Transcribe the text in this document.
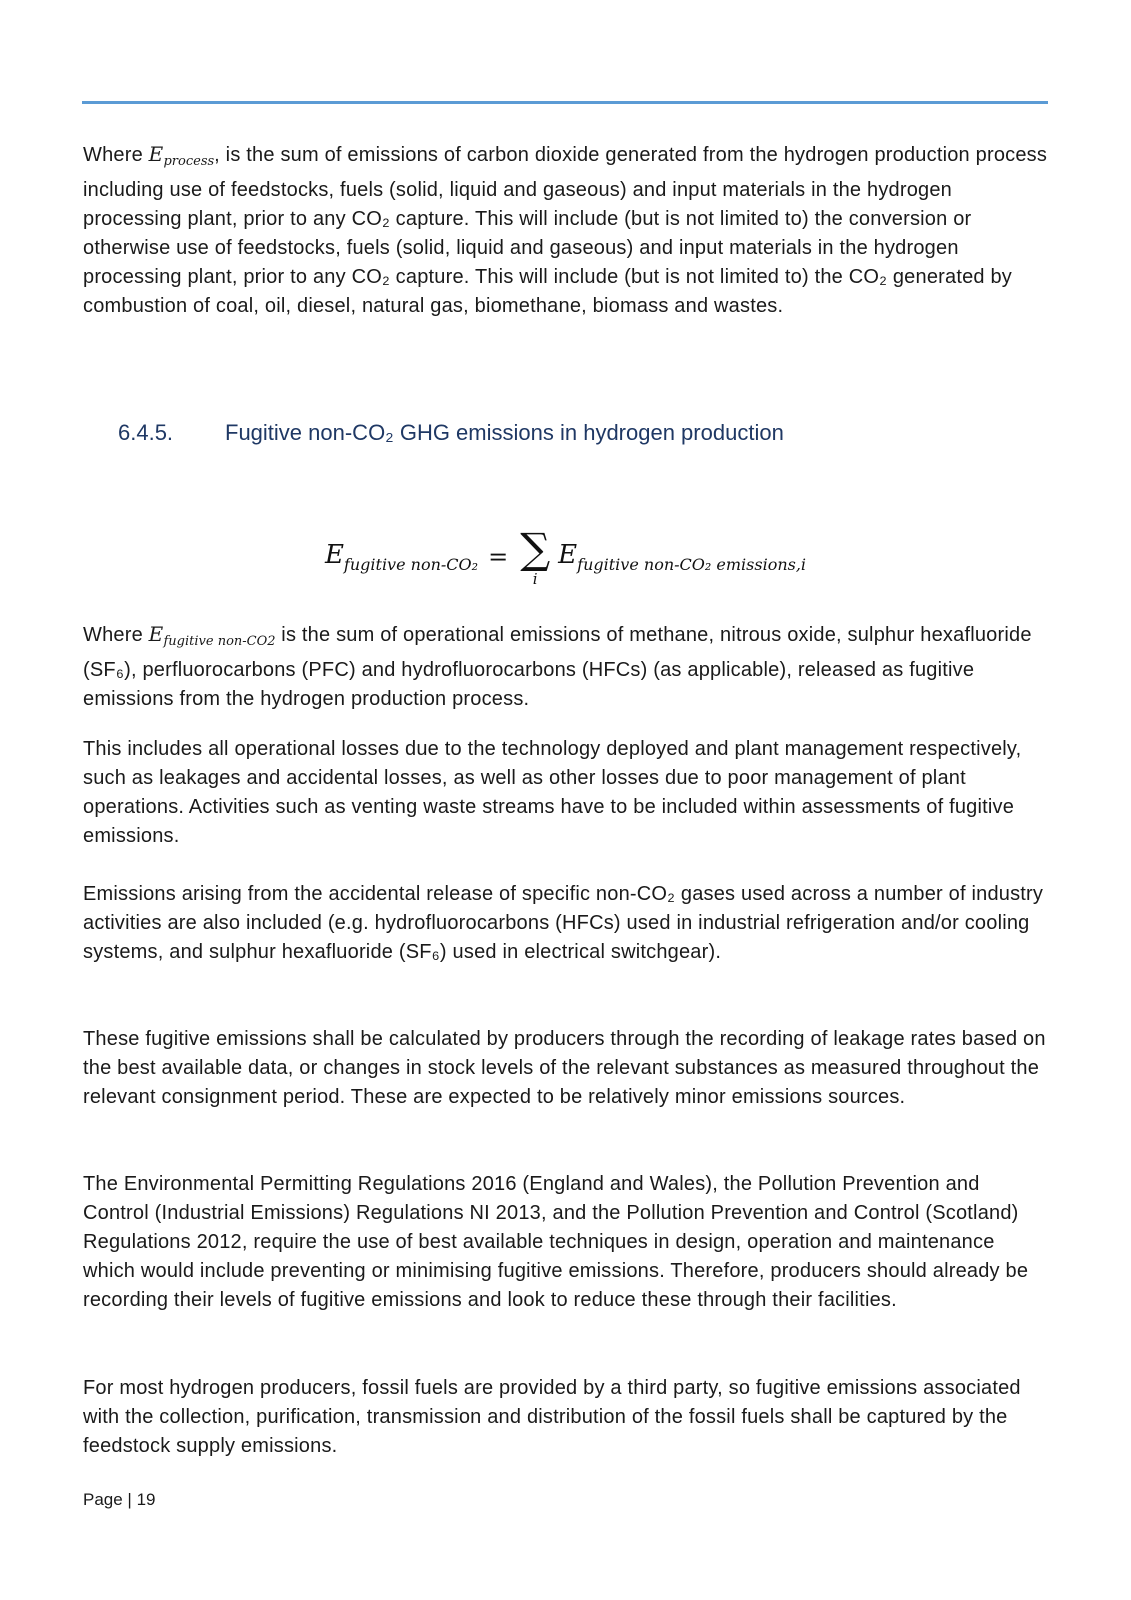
Where $E_{process}$, is the sum of emissions of carbon dioxide generated from the hydrogen production process including use of feedstocks, fuels (solid, liquid and gaseous) and input materials in the hydrogen processing plant, prior to any CO₂ capture. This will include (but is not limited to) the conversion or otherwise use of feedstocks, fuels (solid, liquid and gaseous) and input materials in the hydrogen processing plant, prior to any CO₂ capture. This will include (but is not limited to) the CO₂ generated by combustion of coal, oil, diesel, natural gas, biomethane, biomass and wastes.

6.4.5.	Fugitive non-CO₂ GHG emissions in hydrogen production
Efugitive non-CO₂ = ∑
i
Efugitive non-CO₂ emissions,i

Where $E_{fugitive non-CO2}$ is the sum of operational emissions of methane, nitrous oxide, sulphur hexafluoride (SF₆), perfluorocarbons (PFC) and hydrofluorocarbons (HFCs) (as applicable), released as fugitive emissions from the hydrogen production process.

This includes all operational losses due to the technology deployed and plant management respectively, such as leakages and accidental losses, as well as other losses due to poor management of plant operations. Activities such as venting waste streams have to be included within assessments of fugitive emissions.

Emissions arising from the accidental release of specific non-CO₂ gases used across a number of industry activities are also included (e.g. hydrofluorocarbons (HFCs) used in industrial refrigeration and/or cooling systems, and sulphur hexafluoride (SF₆) used in electrical switchgear).

These fugitive emissions shall be calculated by producers through the recording of leakage rates based on the best available data, or changes in stock levels of the relevant substances as measured throughout the relevant consignment period. These are expected to be relatively minor emissions sources.

The Environmental Permitting Regulations 2016 (England and Wales), the Pollution Prevention and Control (Industrial Emissions) Regulations NI 2013, and the Pollution Prevention and Control (Scotland) Regulations 2012, require the use of best available techniques in design, operation and maintenance which would include preventing or minimising fugitive emissions. Therefore, producers should already be recording their levels of fugitive emissions and look to reduce these through their facilities.

For most hydrogen producers, fossil fuels are provided by a third party, so fugitive emissions associated with the collection, purification, transmission and distribution of the fossil fuels shall be captured by the feedstock supply emissions.

Page | 19
